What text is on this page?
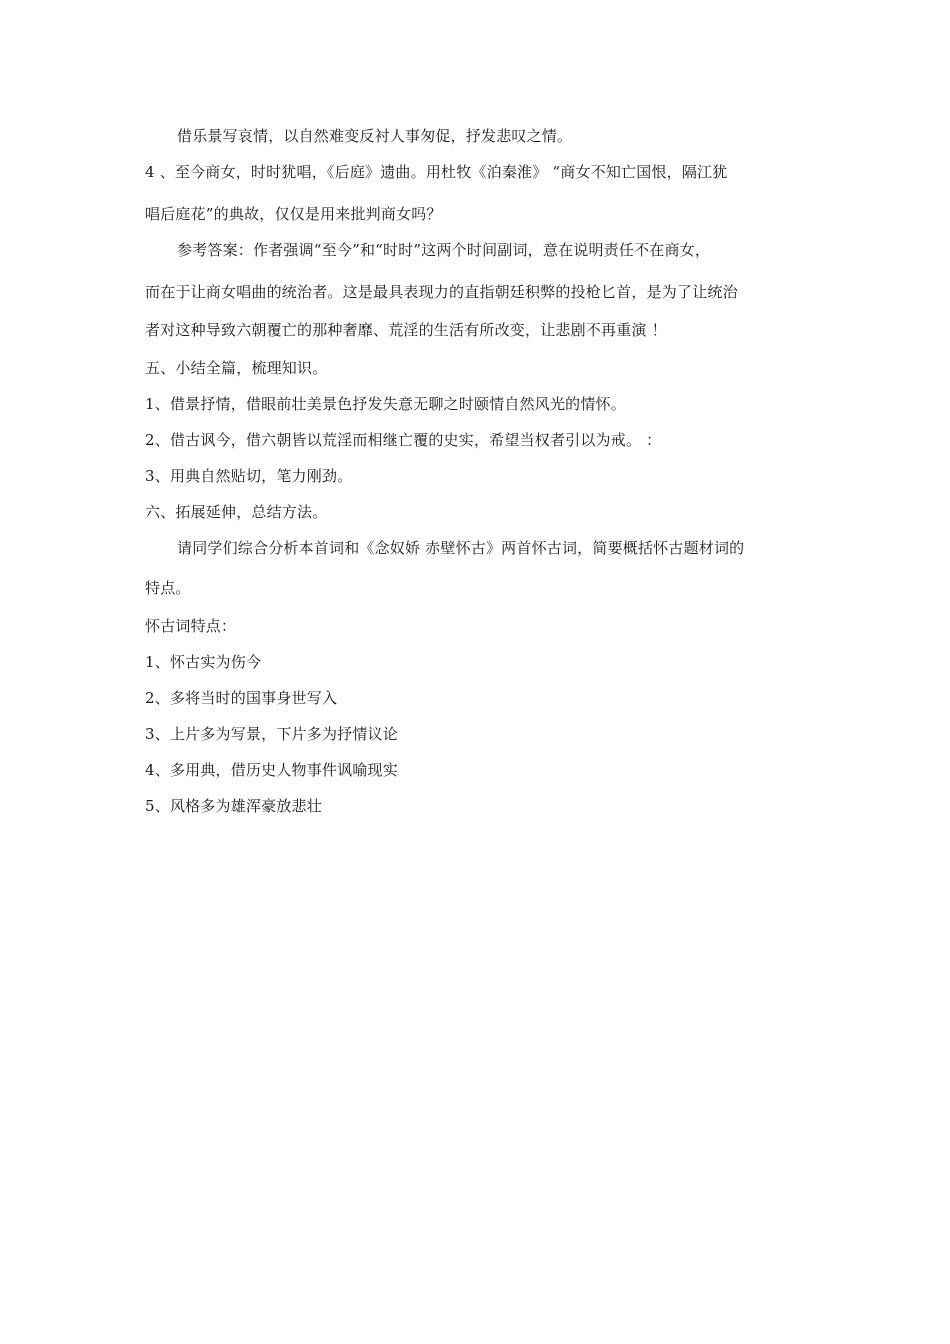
借乐景写哀情，以自然难变反衬人事匆促，抒发悲叹之情。
4 、至今商女，时时犹唱，《后庭》遗曲。用杜牧《泊秦淮》 “商女不知亡国恨，隔江犹
唱后庭花”的典故，仅仅是用来批判商女吗？
参考答案：作者强调“至今”和“时时”这两个时间副词，意在说明责任不在商女，
而在于让商女唱曲的统治者。这是最具表现力的直指朝廷积弊的投枪匕首，是为了让统治
者对这种导致六朝覆亡的那种奢靡、荒淫的生活有所改变，让悲剧不再重演 ！
五、小结全篇，梳理知识。
1、借景抒情，借眼前壮美景色抒发失意无聊之时颐情自然风光的情怀。
2、借古讽今，借六朝皆以荒淫而相继亡覆的史实，希望当权者引以为戒。 ：
3、用典自然贴切，笔力刚劲。
六、拓展延伸，总结方法。
请同学们综合分析本首词和《念奴娇 赤壁怀古》两首怀古词，简要概括怀古题材词的
特点。
怀古词特点：
1、怀古实为伤今
2、多将当时的国事身世写入
3、上片多为写景，下片多为抒情议论
4、多用典，借历史人物事件讽喻现实
5、风格多为雄浑豪放悲壮
